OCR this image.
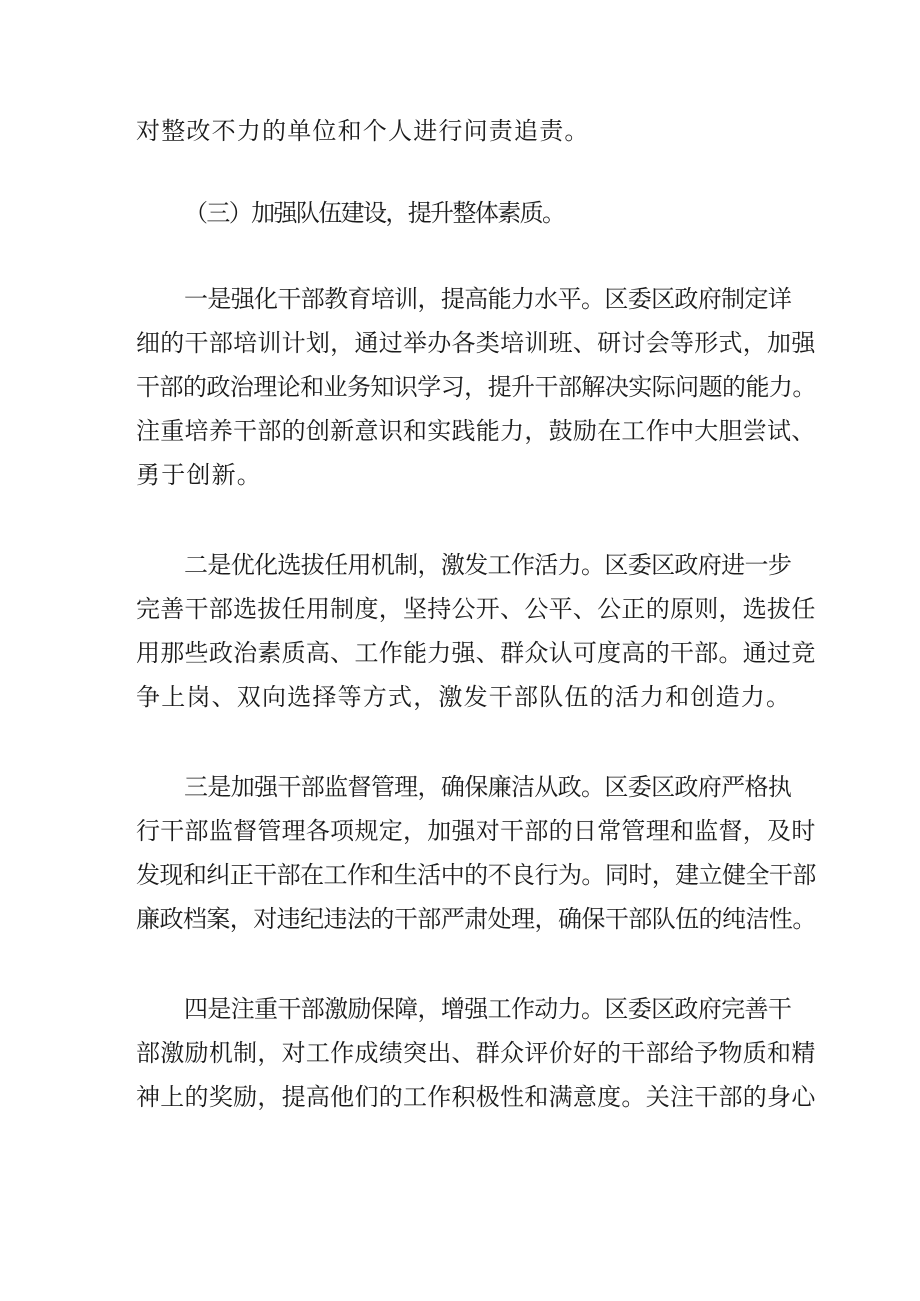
对整改不力的单位和个人进行问责追责。
（三）加强队伍建设，提升整体素质。
一是强化干部教育培训，提高能力水平。区委区政府制定详
细的干部培训计划，通过举办各类培训班、研讨会等形式，加强
干部的政治理论和业务知识学习，提升干部解决实际问题的能力。
注重培养干部的创新意识和实践能力，鼓励在工作中大胆尝试、
勇于创新。
二是优化选拔任用机制，激发工作活力。区委区政府进一步
完善干部选拔任用制度，坚持公开、公平、公正的原则，选拔任
用那些政治素质高、工作能力强、群众认可度高的干部。通过竞
争上岗、双向选择等方式，激发干部队伍的活力和创造力。
三是加强干部监督管理，确保廉洁从政。区委区政府严格执
行干部监督管理各项规定，加强对干部的日常管理和监督，及时
发现和纠正干部在工作和生活中的不良行为。同时，建立健全干部
廉政档案，对违纪违法的干部严肃处理，确保干部队伍的纯洁性。
四是注重干部激励保障，增强工作动力。区委区政府完善干
部激励机制，对工作成绩突出、群众评价好的干部给予物质和精
神上的奖励，提高他们的工作积极性和满意度。关注干部的身心
